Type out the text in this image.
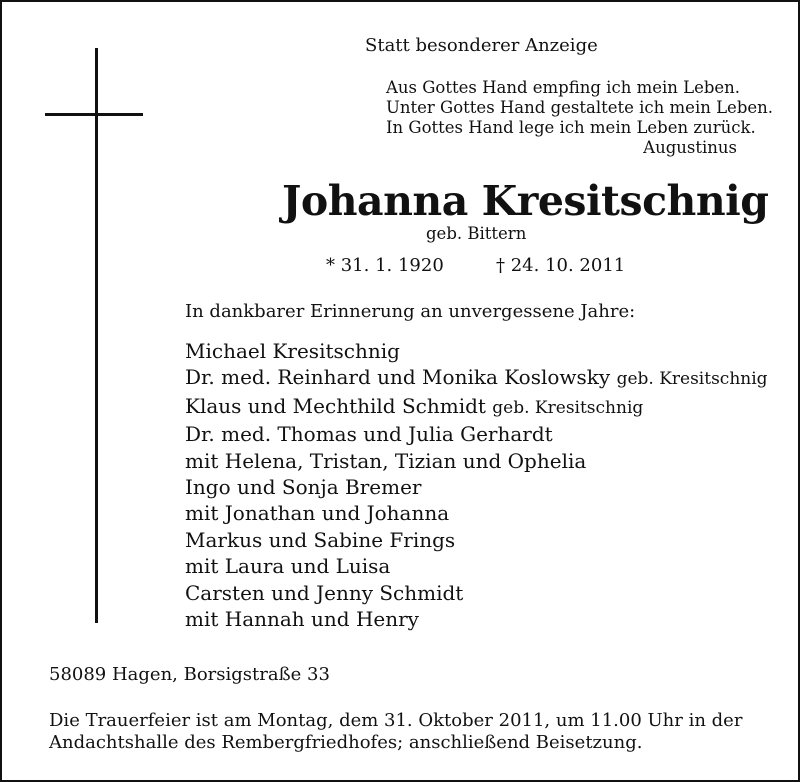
Statt besonderer Anzeige
Aus Gottes Hand empfing ich mein Leben.
Unter Gottes Hand gestaltete ich mein Leben.
In Gottes Hand lege ich mein Leben zurück.
Augustinus
Johanna Kresitschnig
geb. Bittern
* 31. 1. 1920	† 24. 10. 2011
In dankbarer Erinnerung an unvergessene Jahre:
Michael Kresitschnig
Dr. med. Reinhard und Monika Koslowsky geb. Kresitschnig
Klaus und Mechthild Schmidt geb. Kresitschnig
Dr. med. Thomas und Julia Gerhardt
mit Helena, Tristan, Tizian und Ophelia
Ingo und Sonja Bremer
mit Jonathan und Johanna
Markus und Sabine Frings
mit Laura und Luisa
Carsten und Jenny Schmidt
mit Hannah und Henry
58089 Hagen, Borsigstraße 33
Die Trauerfeier ist am Montag, dem 31. Oktober 2011, um 11.00 Uhr in der
Andachtshalle des Rembergfriedhofes; anschließend Beisetzung.
